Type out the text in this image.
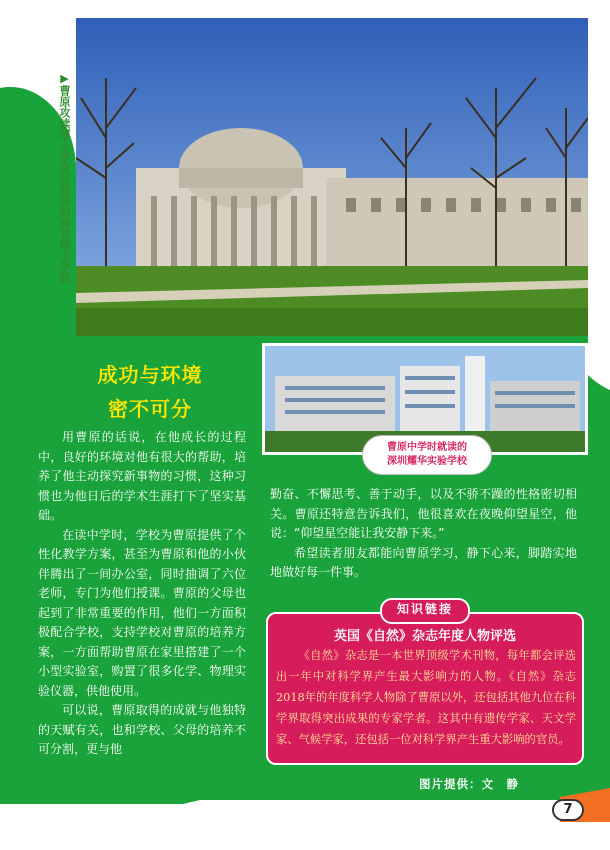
▶曹原攻读博士学位时就读的麻省理工学院
成功与环境
密不可分
曹原中学时就读的
深圳耀华实验学校

用曹原的话说，在他成长的过程中，良好的环境对他有很大的帮助，培养了他主动探究新事物的习惯，这种习惯也为他日后的学术生涯打下了坚实基础。

在读中学时，学校为曹原提供了个性化教学方案，甚至为曹原和他的小伙伴腾出了一间办公室，同时抽调了六位老师，专门为他们授课。曹原的父母也起到了非常重要的作用，他们一方面积极配合学校，支持学校对曹原的培养方案，一方面帮助曹原在家里搭建了一个小型实验室，购置了很多化学、物理实验仪器，供他使用。

可以说，曹原取得的成就与他独特的天赋有关，也和学校、父母的培养不可分割，更与他

勤奋、不懈思考、善于动手，以及不骄不躁的性格密切相关。曹原还特意告诉我们，他很喜欢在夜晚仰望星空，他说：“仰望星空能让我安静下来。”

希望读者朋友都能向曹原学习，静下心来，脚踏实地地做好每一件事。

知识链接
英国《自然》杂志年度人物评选

《自然》杂志是一本世界顶级学术刊物，每年都会评选出一年中对科学界产生最大影响力的人物。《自然》杂志2018年的年度科学人物除了曹原以外，还包括其他九位在科学界取得突出成果的专家学者。这其中有遗传学家、天文学家、气候学家，还包括一位对科学界产生重大影响的官员。

图片提供：文　静
7
